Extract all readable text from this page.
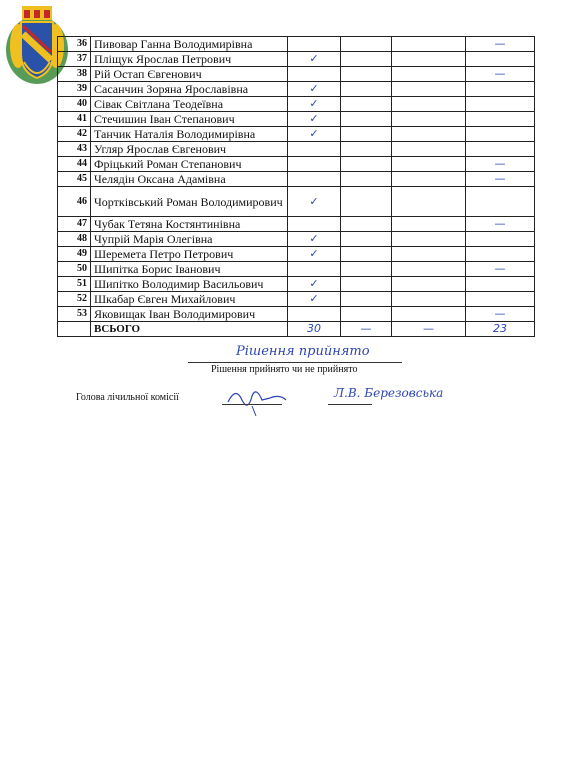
36	Пивовар Ганна Володимирівна				—
37	Пліщук Ярослав Петрович	✓			
38	Рій Остап Євгенович				—
39	Сасанчин Зоряна Ярославівна	✓			
40	Сівак Світлана Теодеївна	✓			
41	Стечишин Іван Степанович	✓			
42	Танчик Наталія Володимирівна	✓			
43	Угляр Ярослав Євгенович				
44	Фріцький Роман Степанович				—
45	Челядін Оксана Адамівна				—
46	Чортківський Роман Володимирович	✓			
47	Чубак Тетяна Костянтинівна				—
48	Чупрій Марія Олегівна	✓			
49	Шеремета Петро Петрович	✓			
50	Шипітка Борис Іванович				—
51	Шипітко Володимир Васильович	✓			
52	Шкабар Євген Михайлович	✓			
53	Яковищак Іван Володимирович				—
	ВСЬОГО	30	—	—	23
Рішення прийнято
Рішення прийнято чи не прийнято
Голова лічильної комісії	Л.В. Березовська
